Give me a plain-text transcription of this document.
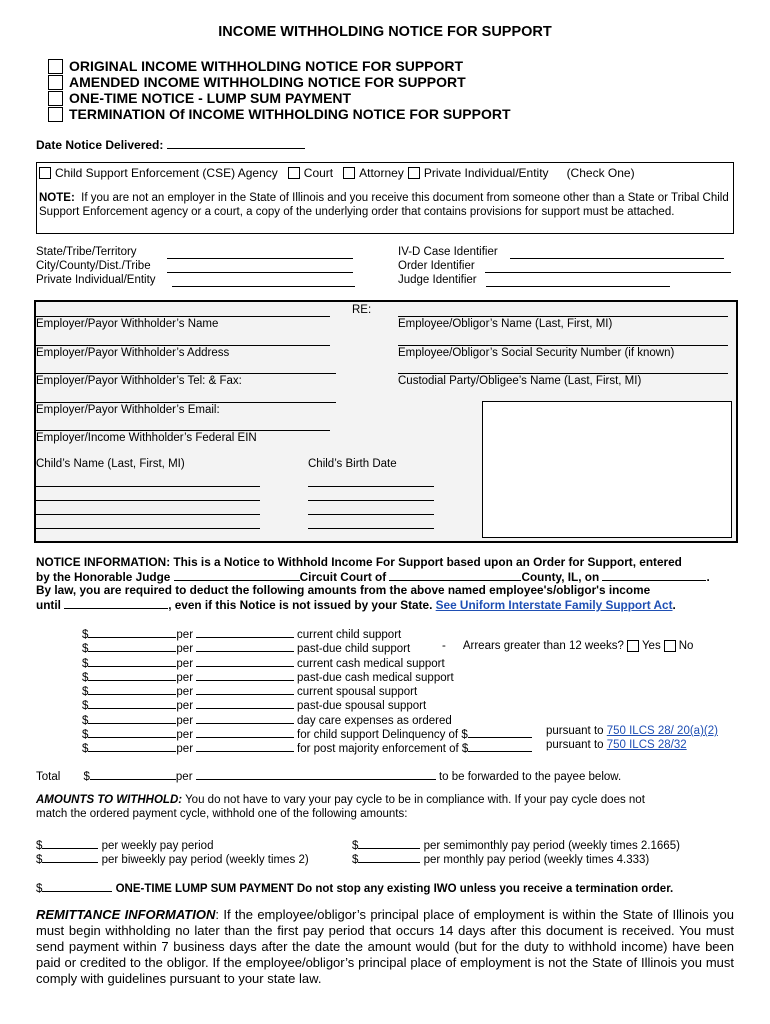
INCOME WITHHOLDING NOTICE FOR SUPPORT
ORIGINAL INCOME WITHHOLDING NOTICE FOR SUPPORT
AMENDED INCOME WITHHOLDING NOTICE FOR SUPPORT
ONE-TIME NOTICE - LUMP SUM PAYMENT
TERMINATION Of INCOME WITHHOLDING NOTICE FOR SUPPORT
Date Notice Delivered:
Child Support Enforcement (CSE) Agency Court Attorney Private Individual/Entity (Check One)
NOTE: If you are not an employer in the State of Illinois and you receive this document from someone other than a State or Tribal Child Support Enforcement agency or a court, a copy of the underlying order that contains provisions for support must be attached.
State/Tribe/Territory
City/County/Dist./Tribe
Private Individual/Entity
IV-D Case Identifier
Order Identifier
Judge Identifier
RE:
Employer/Payor Withholder’s Name	Employee/Obligor’s Name (Last, First, MI)
Employer/Payor Withholder’s Address	Employee/Obligor’s Social Security Number (if known)
Employer/Payor Withholder’s Tel: & Fax:	Custodial Party/Obligee’s Name (Last, First, MI)
Employer/Payor Withholder’s Email:
Employer/Income Withholder’s Federal EIN
Child’s Name (Last, First, MI)	Child’s Birth Date
NOTICE INFORMATION: This is a Notice to Withhold Income For Support based upon an Order for Support, entered
by the Honorable Judge	Circuit Court of	County, IL, on	.
By law, you are required to deduct the following amounts from the above named employee's/obligor's income
until	, even if this Notice is not issued by your State. See Uniform Interstate Family Support Act.
$	per	current child support
$	per	past-due child support
$	per	current cash medical support
$	per	past-due cash medical support
$	per	current spousal support
$	per	past-due spousal support
$	per	day care expenses as ordered
$	per	for child support Delinquency of $
$	per	for post majority enforcement of $
- Arrears greater than 12 weeks? Yes No
pursuant to 750 ILCS 28/ 20(a)(2)
pursuant to 750 ILCS 28/32
Total $	per	to be forwarded to the payee below.
AMOUNTS TO WITHHOLD: You do not have to vary your pay cycle to be in compliance with. If your pay cycle does not
match the ordered payment cycle, withhold one of the following amounts:
$	per weekly pay period
$	per biweekly pay period (weekly times 2)
$	per semimonthly pay period (weekly times 2.1665)
$	per monthly pay period (weekly times 4.333)
$	ONE-TIME LUMP SUM PAYMENT Do not stop any existing IWO unless you receive a termination order.
REMITTANCE INFORMATION: If the employee/obligor’s principal place of employment is within the State of Illinois you must begin withholding no later than the first pay period that occurs 14 days after this document is received. You must send payment within 7 business days after the date the amount would (but for the duty to withhold income) have been paid or credited to the obligor. If the employee/obligor’s principal place of employment is not the State of Illinois you must comply with guidelines pursuant to your state law.
